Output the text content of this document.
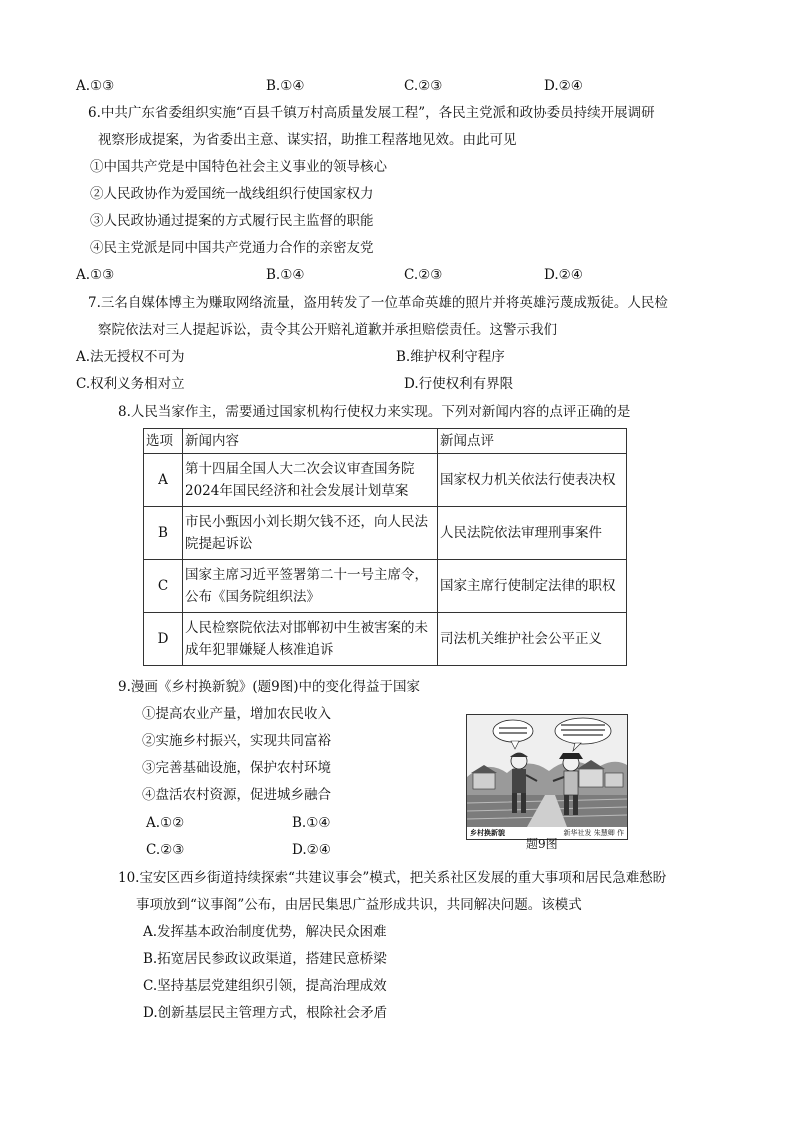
A.①③	B.①④	C.②③	D.②④
6.中共广东省委组织实施“百县千镇万村高质量发展工程”，各民主党派和政协委员持续开展调研
视察形成提案，为省委出主意、谋实招，助推工程落地见效。由此可见
①中国共产党是中国特色社会主义事业的领导核心
②人民政协作为爱国统一战线组织行使国家权力
③人民政协通过提案的方式履行民主监督的职能
④民主党派是同中国共产党通力合作的亲密友党
A.①③	B.①④	C.②③	D.②④
7.三名自媒体博主为赚取网络流量，盗用转发了一位革命英雄的照片并将英雄污蔑成叛徒。人民检
察院依法对三人提起诉讼，责令其公开赔礼道歉并承担赔偿责任。这警示我们
A.法无授权不可为	B.维护权利守程序
C.权利义务相对立	D.行使权利有界限
8.人民当家作主，需要通过国家机构行使权力来实现。下列对新闻内容的点评正确的是
选项	新闻内容	新闻点评
A	第十四届全国人大二次会议审查国务院2024年国民经济和社会发展计划草案	国家权力机关依法行使表决权
B	市民小甄因小刘长期欠钱不还，向人民法院提起诉讼	人民法院依法审理刑事案件
C	国家主席习近平签署第二十一号主席令，公布《国务院组织法》	国家主席行使制定法律的职权
D	人民检察院依法对邯郸初中生被害案的未成年犯罪嫌疑人核准追诉	司法机关维护社会公平正义
9.漫画《乡村换新貌》(题9图)中的变化得益于国家
①提高农业产量，增加农民收入
②实施乡村振兴，实现共同富裕
③完善基础设施，保护农村环境
④盘活农村资源，促进城乡融合
A.①②	B.①④
C.②③	D.②④
乡村换新貌	新华社发 朱慧卿 作
题9图
10.宝安区西乡街道持续探索“共建议事会”模式，把关系社区发展的重大事项和居民急难愁盼
事项放到“议事阁”公布，由居民集思广益形成共识，共同解决问题。该模式
A.发挥基本政治制度优势，解决民众困难
B.拓宽居民参政议政渠道，搭建民意桥梁
C.坚持基层党建组织引领，提高治理成效
D.创新基层民主管理方式，根除社会矛盾
